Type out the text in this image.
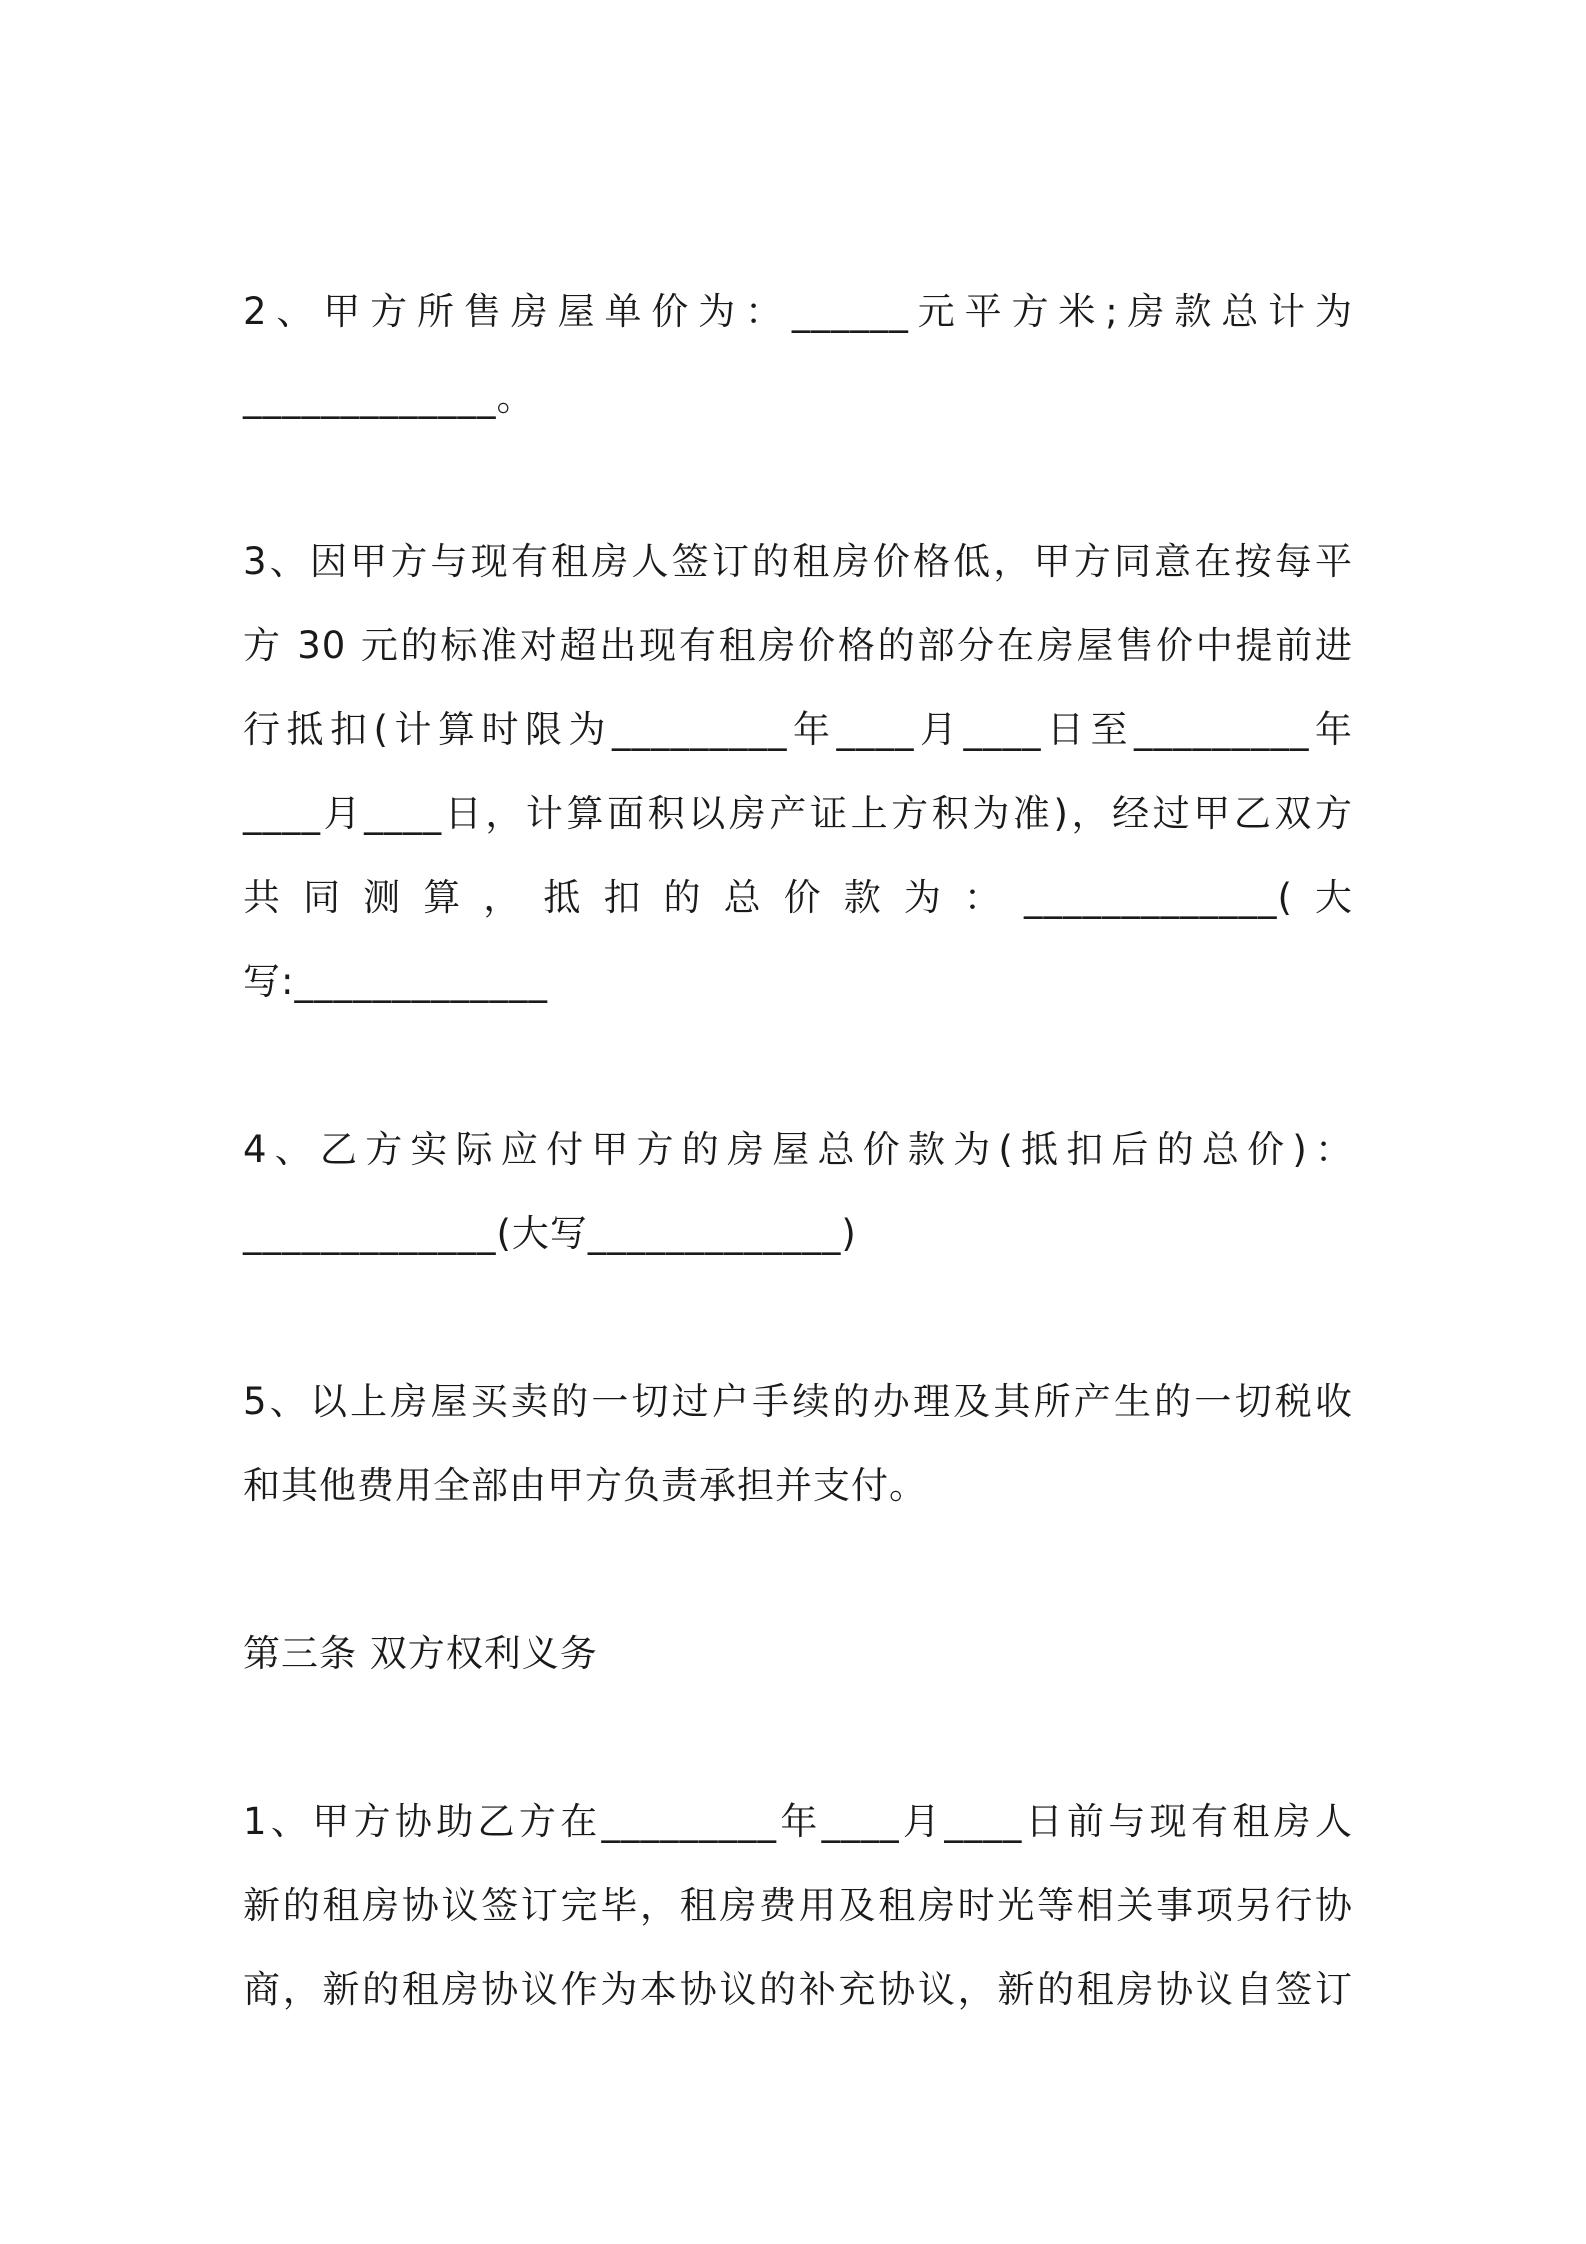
2、甲方所售房屋单价为：______元平方米;房款总计为
_____________。
3、因甲方与现有租房人签订的租房价格低，甲方同意在按每平
方 30 元的标准对超出现有租房价格的部分在房屋售价中提前进
行抵扣(计算时限为_________年____月____日至_________年
____月____日，计算面积以房产证上方积为准)，经过甲乙双方
共同测算，抵扣的总价款为：_____________(大
写:_____________
4、乙方实际应付甲方的房屋总价款为(抵扣后的总价)：
_____________(大写_____________)
5、以上房屋买卖的一切过户手续的办理及其所产生的一切税收
和其他费用全部由甲方负责承担并支付。
第三条 双方权利义务
1、甲方协助乙方在_________年____月____日前与现有租房人
新的租房协议签订完毕，租房费用及租房时光等相关事项另行协
商，新的租房协议作为本协议的补充协议，新的租房协议自签订
